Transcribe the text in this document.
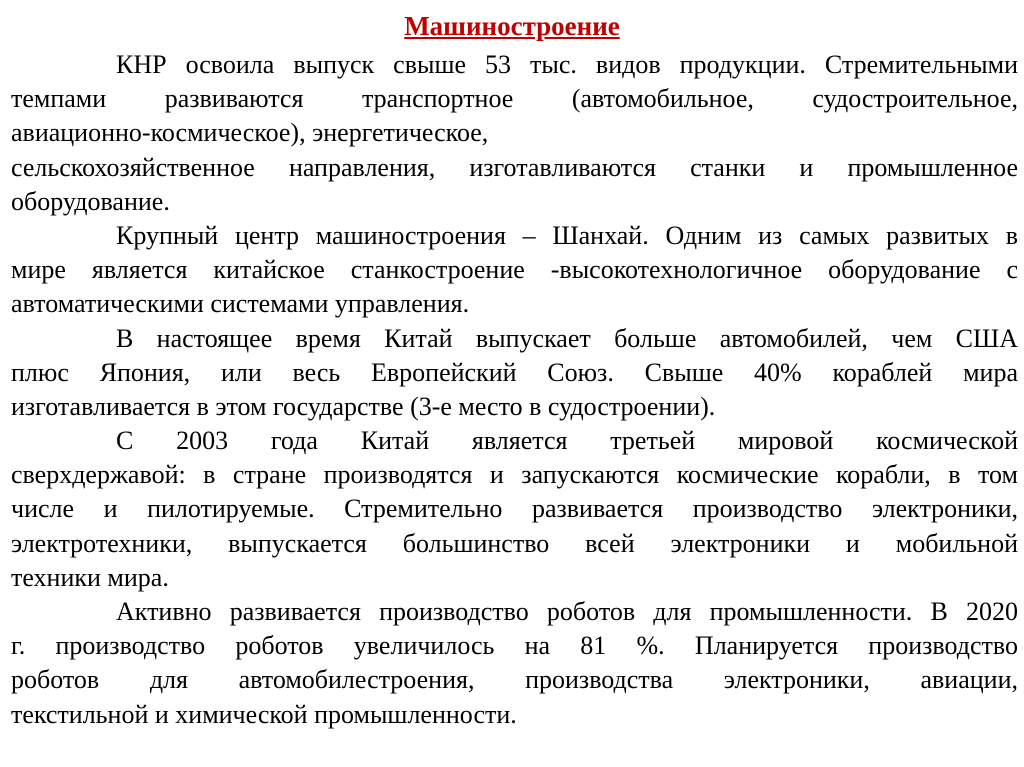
Машиностроение
КНР освоила выпуск свыше 53 тыс. видов продукции. Стремительными
темпами развиваются транспортное (автомобильное, судостроительное,
авиационно-космическое), энергетическое,
сельскохозяйственное направления, изготавливаются станки и промышленное
оборудование.
Крупный центр машиностроения – Шанхай. Одним из самых развитых в
мире является китайское станкостроение -высокотехнологичное оборудование с
автоматическими системами управления.
В настоящее время Китай выпускает больше автомобилей, чем США
плюс Япония, или весь Европейский Союз. Свыше 40% кораблей мира
изготавливается в этом государстве (3-е место в судостроении).
С 2003 года Китай является третьей мировой космической
сверхдержавой: в стране производятся и запускаются космические корабли, в том
числе и пилотируемые. Стремительно развивается производство электроники,
электротехники, выпускается большинство всей электроники и мобильной
техники мира.
Активно развивается производство роботов для промышленности. В 2020
г. производство роботов увеличилось на 81 %. Планируется производство
роботов для автомобилестроения, производства электроники, авиации,
текстильной и химической промышленности.
